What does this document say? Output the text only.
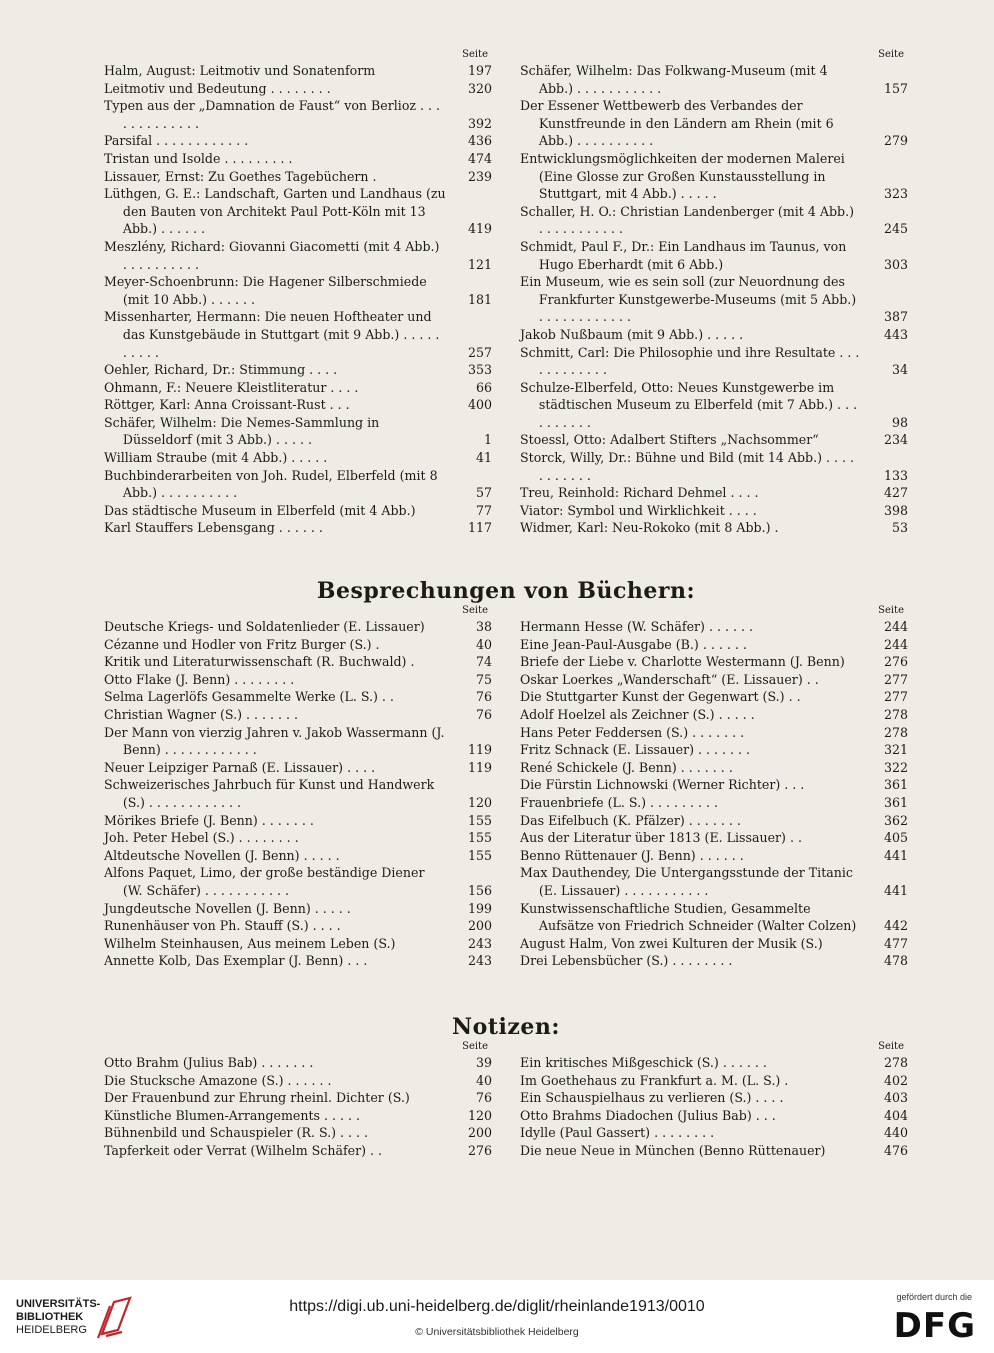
Seite
Halm, August: Leitmotiv und Sonatenform	197
Leitmotiv und Bedeutung . . . . . . . .	320
Typen aus der „Damnation de Faust“ von Berlioz . . . . . . . . . . . . .	392
Parsifal . . . . . . . . . . . .	436
Tristan und Isolde . . . . . . . . .	474
Lissauer, Ernst: Zu Goethes Tagebüchern .	239
Lüthgen, G. E.: Landschaft, Garten und Landhaus (zu den Bauten von Architekt Paul Pott-Köln mit 13 Abb.) . . . . . .	419
Meszlény, Richard: Giovanni Giacometti (mit 4 Abb.) . . . . . . . . . .	121
Meyer-Schoenbrunn: Die Hagener Silberschmiede (mit 10 Abb.) . . . . . .	181
Missenharter, Hermann: Die neuen Hoftheater und das Kunstgebäude in Stuttgart (mit 9 Abb.) . . . . . . . . . .	257
Oehler, Richard, Dr.: Stimmung . . . .	353
Ohmann, F.: Neuere Kleistliteratur . . . .	66
Röttger, Karl: Anna Croissant-Rust . . .	400
Schäfer, Wilhelm: Die Nemes-Sammlung in Düsseldorf (mit 3 Abb.) . . . . .	1
William Straube (mit 4 Abb.) . . . . .	41
Buchbinderarbeiten von Joh. Rudel, Elberfeld (mit 8 Abb.) . . . . . . . . . .	57
Das städtische Museum in Elberfeld (mit 4 Abb.)	77
Karl Stauffers Lebensgang . . . . . .	117
Seite
Schäfer, Wilhelm: Das Folkwang-Museum (mit 4 Abb.) . . . . . . . . . . .	157
Der Essener Wettbewerb des Verbandes der Kunstfreunde in den Ländern am Rhein (mit 6 Abb.) . . . . . . . . . .	279
Entwicklungsmöglichkeiten der modernen Malerei (Eine Glosse zur Großen Kunstausstellung in Stuttgart, mit 4 Abb.) . . . . .	323
Schaller, H. O.: Christian Landenberger (mit 4 Abb.) . . . . . . . . . . .	245
Schmidt, Paul F., Dr.: Ein Landhaus im Taunus, von Hugo Eberhardt (mit 6 Abb.)	303
Ein Museum, wie es sein soll (zur Neuordnung des Frankfurter Kunstgewerbe-Museums (mit 5 Abb.) . . . . . . . . . . . .	387
Jakob Nußbaum (mit 9 Abb.) . . . . .	443
Schmitt, Carl: Die Philosophie und ihre Resultate . . . . . . . . . . . .	34
Schulze-Elberfeld, Otto: Neues Kunstgewerbe im städtischen Museum zu Elberfeld (mit 7 Abb.) . . . . . . . . . .	98
Stoessl, Otto: Adalbert Stifters „Nachsommer“	234
Storck, Willy, Dr.: Bühne und Bild (mit 14 Abb.) . . . . . . . . . . .	133
Treu, Reinhold: Richard Dehmel . . . .	427
Viator: Symbol und Wirklichkeit . . . .	398
Widmer, Karl: Neu-Rokoko (mit 8 Abb.) .	53
Besprechungen von Büchern:
Seite
Deutsche Kriegs- und Soldatenlieder (E. Lissauer)	38
Cézanne und Hodler von Fritz Burger (S.) .	40
Kritik und Literaturwissenschaft (R. Buchwald) .	74
Otto Flake (J. Benn) . . . . . . . .	75
Selma Lagerlöfs Gesammelte Werke (L. S.) . .	76
Christian Wagner (S.) . . . . . . .	76
Der Mann von vierzig Jahren v. Jakob Wassermann (J. Benn) . . . . . . . . . . . .	119
Neuer Leipziger Parnaß (E. Lissauer) . . . .	119
Schweizerisches Jahrbuch für Kunst und Handwerk (S.) . . . . . . . . . . . .	120
Mörikes Briefe (J. Benn) . . . . . . .	155
Joh. Peter Hebel (S.) . . . . . . . .	155
Altdeutsche Novellen (J. Benn) . . . . .	155
Alfons Paquet, Limo, der große beständige Diener (W. Schäfer) . . . . . . . . . . .	156
Jungdeutsche Novellen (J. Benn) . . . . .	199
Runenhäuser von Ph. Stauff (S.) . . . .	200
Wilhelm Steinhausen, Aus meinem Leben (S.)	243
Annette Kolb, Das Exemplar (J. Benn) . . .	243
Seite
Hermann Hesse (W. Schäfer) . . . . . .	244
Eine Jean-Paul-Ausgabe (B.) . . . . . .	244
Briefe der Liebe v. Charlotte Westermann (J. Benn)	276
Oskar Loerkes „Wanderschaft“ (E. Lissauer) . .	277
Die Stuttgarter Kunst der Gegenwart (S.) . .	277
Adolf Hoelzel als Zeichner (S.) . . . . .	278
Hans Peter Feddersen (S.) . . . . . . .	278
Fritz Schnack (E. Lissauer) . . . . . . .	321
René Schickele (J. Benn) . . . . . . .	322
Die Fürstin Lichnowski (Werner Richter) . . .	361
Frauenbriefe (L. S.) . . . . . . . . .	361
Das Eifelbuch (K. Pfälzer) . . . . . . .	362
Aus der Literatur über 1813 (E. Lissauer) . .	405
Benno Rüttenauer (J. Benn) . . . . . .	441
Max Dauthendey, Die Untergangsstunde der Titanic (E. Lissauer) . . . . . . . . . . .	441
Kunstwissenschaftliche Studien, Gesammelte Aufsätze von Friedrich Schneider (Walter Colzen)	442
August Halm, Von zwei Kulturen der Musik (S.)	477
Drei Lebensbücher (S.) . . . . . . . .	478
Notizen:
Seite
Otto Brahm (Julius Bab) . . . . . . .	39
Die Stucksche Amazone (S.) . . . . . .	40
Der Frauenbund zur Ehrung rheinl. Dichter (S.)	76
Künstliche Blumen-Arrangements . . . . .	120
Bühnenbild und Schauspieler (R. S.) . . . .	200
Tapferkeit oder Verrat (Wilhelm Schäfer) . .	276
Seite
Ein kritisches Mißgeschick (S.) . . . . . .	278
Im Goethehaus zu Frankfurt a. M. (L. S.) .	402
Ein Schauspielhaus zu verlieren (S.) . . . .	403
Otto Brahms Diadochen (Julius Bab) . . .	404
Idylle (Paul Gassert) . . . . . . . .	440
Die neue Neue in München (Benno Rüttenauer)	476
UNIVERSITÄTS-
BIBLIOTHEK
HEIDELBERG
https://digi.ub.uni-heidelberg.de/diglit/rheinlande1913/0010
© Universitätsbibliothek Heidelberg
gefördert durch die
DFG
